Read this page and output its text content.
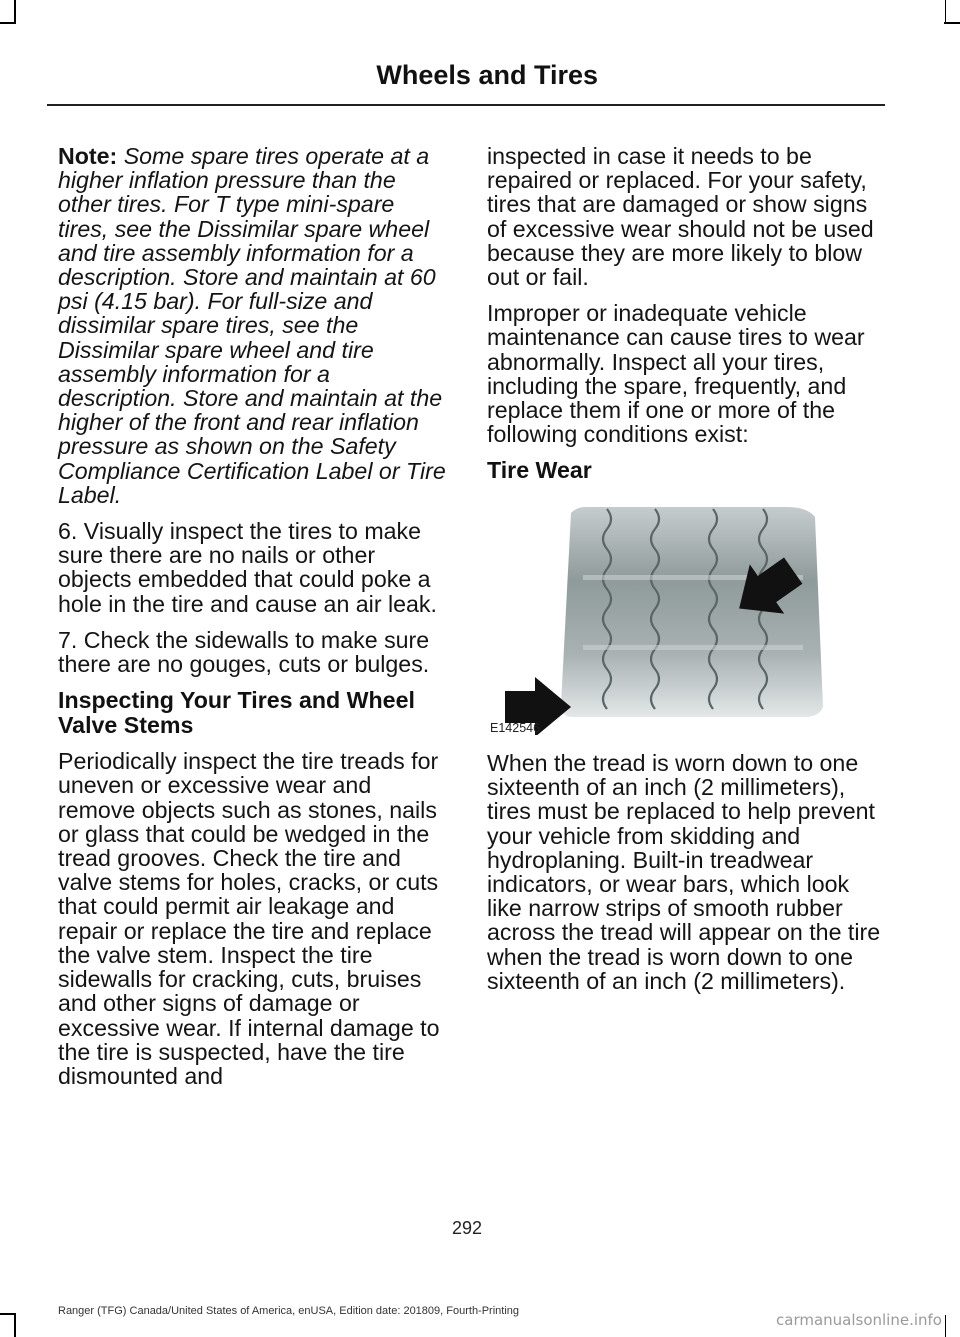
Wheels and Tires

Note: Some spare tires operate at a higher inflation pressure than the other tires. For T type mini-spare tires, see the Dissimilar spare wheel and tire assembly information for a description. Store and maintain at 60 psi (4.15 bar). For full-size and dissimilar spare tires, see the Dissimilar spare wheel and tire assembly information for a description. Store and maintain at the higher of the front and rear inflation pressure as shown on the Safety Compliance Certification Label or Tire Label.

6. Visually inspect the tires to make sure there are no nails or other objects embedded that could poke a hole in the tire and cause an air leak.

7. Check the sidewalls to make sure there are no gouges, cuts or bulges.

Inspecting Your Tires and Wheel Valve Stems

Periodically inspect the tire treads for uneven or excessive wear and remove objects such as stones, nails or glass that could be wedged in the tread grooves. Check the tire and valve stems for holes, cracks, or cuts that could permit air leakage and repair or replace the tire and replace the valve stem. Inspect the tire sidewalls for cracking, cuts, bruises and other signs of damage or excessive wear. If internal damage to the tire is suspected, have the tire dismounted and

inspected in case it needs to be repaired or replaced. For your safety, tires that are damaged or show signs of excessive wear should not be used because they are more likely to blow out or fail.

Improper or inadequate vehicle maintenance can cause tires to wear abnormally. Inspect all your tires, including the spare, frequently, and replace them if one or more of the following conditions exist:

Tire Wear
E142546

When the tread is worn down to one sixteenth of an inch (2 millimeters), tires must be replaced to help prevent your vehicle from skidding and hydroplaning. Built-in treadwear indicators, or wear bars, which look like narrow strips of smooth rubber across the tread will appear on the tire when the tread is worn down to one sixteenth of an inch (2 millimeters).

292
Ranger (TFG) Canada/United States of America, enUSA, Edition date: 201809, Fourth-Printing	carmanualsonline.info
